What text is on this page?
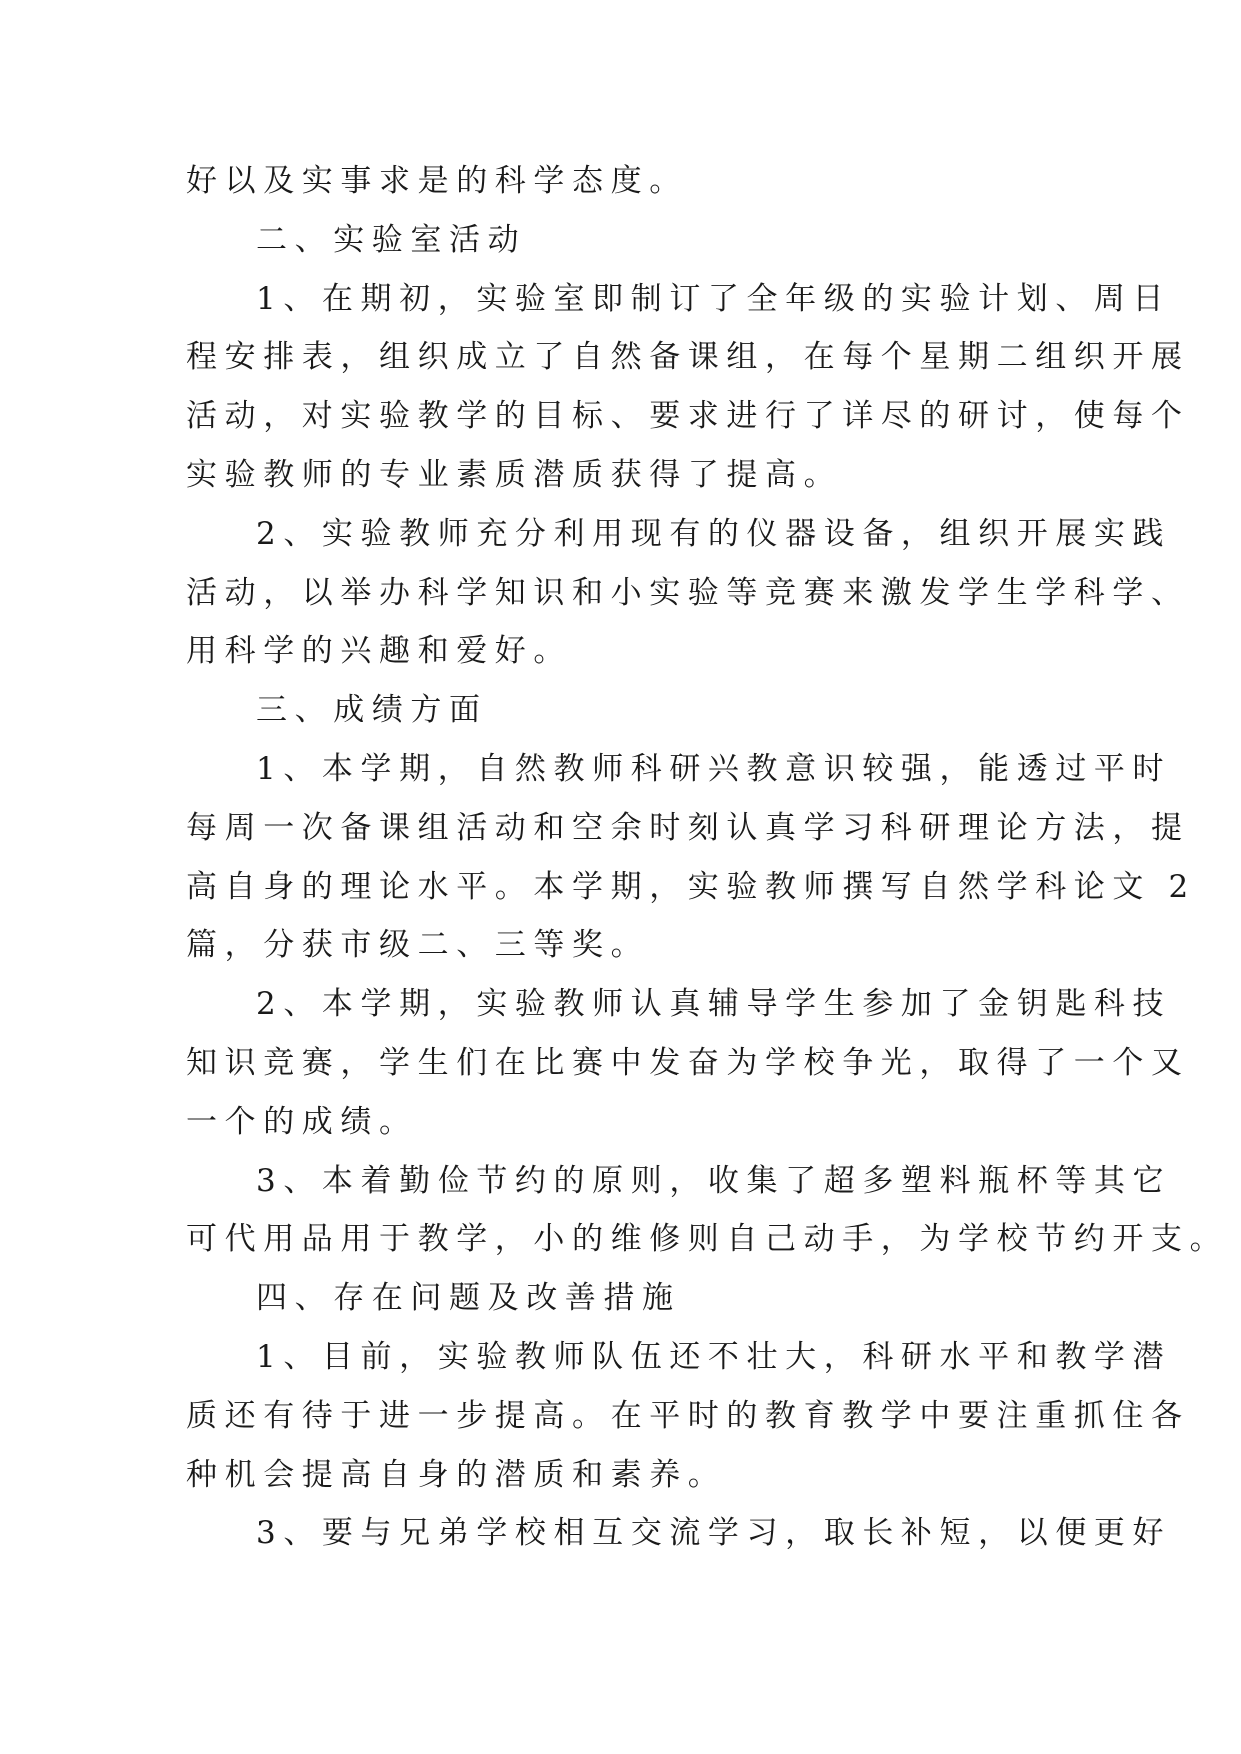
好以及实事求是的科学态度。
二、实验室活动
1、在期初，实验室即制订了全年级的实验计划、周日
程安排表，组织成立了自然备课组，在每个星期二组织开展
活动，对实验教学的目标、要求进行了详尽的研讨，使每个
实验教师的专业素质潜质获得了提高。
2、实验教师充分利用现有的仪器设备，组织开展实践
活动，以举办科学知识和小实验等竞赛来激发学生学科学、
用科学的兴趣和爱好。
三、成绩方面
1、本学期，自然教师科研兴教意识较强，能透过平时
每周一次备课组活动和空余时刻认真学习科研理论方法，提
高自身的理论水平。本学期，实验教师撰写自然学科论文 2
篇，分获市级二、三等奖。
2、本学期，实验教师认真辅导学生参加了金钥匙科技
知识竞赛，学生们在比赛中发奋为学校争光，取得了一个又
一个的成绩。
3、本着勤俭节约的原则，收集了超多塑料瓶杯等其它
可代用品用于教学，小的维修则自己动手，为学校节约开支。
四、存在问题及改善措施
1、目前，实验教师队伍还不壮大，科研水平和教学潜
质还有待于进一步提高。在平时的教育教学中要注重抓住各
种机会提高自身的潜质和素养。
3、要与兄弟学校相互交流学习，取长补短，以便更好
